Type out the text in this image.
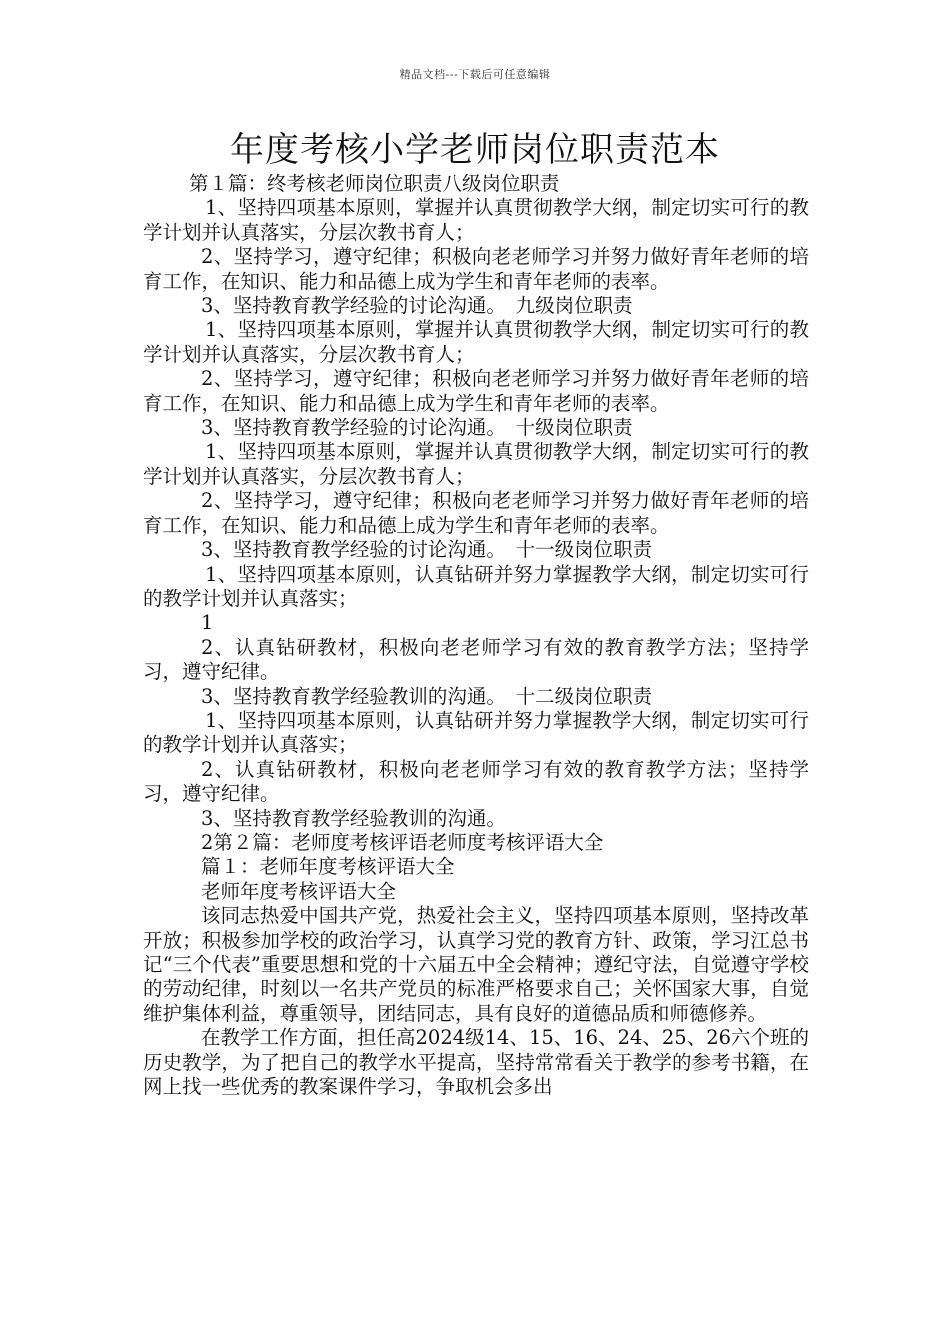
精品文档---下载后可任意编辑
年度考核小学老师岗位职责范本

第１篇：终考核老师岗位职责八级岗位职责

1、坚持四项基本原则，掌握并认真贯彻教学大纲，制定切实可行的教学计划并认真落实，分层次教书育人；

2、坚持学习，遵守纪律；积极向老老师学习并努力做好青年老师的培育工作，在知识、能力和品德上成为学生和青年老师的表率。

3、坚持教育教学经验的讨论沟通。　九级岗位职责

1、坚持四项基本原则，掌握并认真贯彻教学大纲，制定切实可行的教学计划并认真落实，分层次教书育人；

2、坚持学习，遵守纪律；积极向老老师学习并努力做好青年老师的培育工作，在知识、能力和品德上成为学生和青年老师的表率。

3、坚持教育教学经验的讨论沟通。　十级岗位职责

1、坚持四项基本原则，掌握并认真贯彻教学大纲，制定切实可行的教学计划并认真落实，分层次教书育人；

2、坚持学习，遵守纪律；积极向老老师学习并努力做好青年老师的培育工作，在知识、能力和品德上成为学生和青年老师的表率。

3、坚持教育教学经验的讨论沟通。　十一级岗位职责

1、坚持四项基本原则，认真钻研并努力掌握教学大纲，制定切实可行的教学计划并认真落实；

1

2、认真钻研教材，积极向老老师学习有效的教育教学方法；坚持学习，遵守纪律。

3、坚持教育教学经验教训的沟通。　十二级岗位职责

1、坚持四项基本原则，认真钻研并努力掌握教学大纲，制定切实可行的教学计划并认真落实；

2、认真钻研教材，积极向老老师学习有效的教育教学方法；坚持学习，遵守纪律。

3、坚持教育教学经验教训的沟通。

2第２篇：老师度考核评语老师度考核评语大全

篇１：老师年度考核评语大全

老师年度考核评语大全

该同志热爱中国共产党，热爱社会主义，坚持四项基本原则，坚持改革开放；积极参加学校的政治学习，认真学习党的教育方针、政策，学习江总书记“三个代表”重要思想和党的十六届五中全会精神；遵纪守法，自觉遵守学校的劳动纪律，时刻以一名共产党员的标准严格要求自己；关怀国家大事，自觉维护集体利益，尊重领导，团结同志，具有良好的道德品质和师德修养。

在教学工作方面，担任高2024级14、15、16、24、25、26六个班的历史教学，为了把自己的教学水平提高，坚持常常看关于教学的参考书籍，在网上找一些优秀的教案课件学习，争取机会多出
